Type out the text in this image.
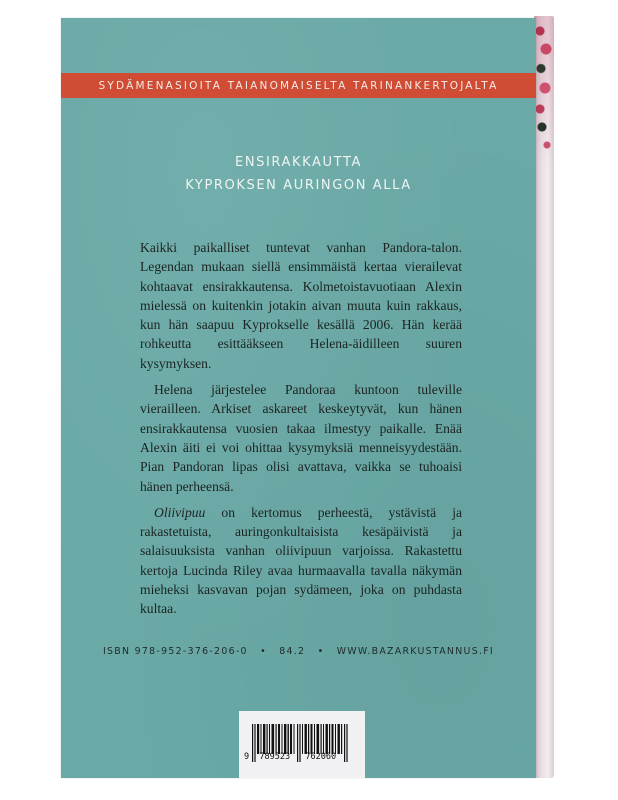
SYDÄMENASIOITA TAIANOMAISELTA TARINANKERTOJALTA
ENSIRAKKAUTTA
KYPROKSEN AURINGON ALLA

Kaikki paikalliset tuntevat vanhan Pandora-talon. Legendan mukaan siellä ensimmäistä kertaa vierailevat kohtaavat ensirakkautensa. Kolmetoistavuotiaan Alexin mielessä on kuitenkin jotakin aivan muuta kuin rakkaus, kun hän saapuu Kyprokselle kesällä 2006. Hän kerää rohkeutta esittääkseen Helena-äidilleen suuren kysymyksen.

Helena järjestelee Pandoraa kuntoon tuleville vierailleen. Arkiset askareet keskeytyvät, kun hänen ensirakkautensa vuosien takaa ilmestyy paikalle. Enää Alexin äiti ei voi ohittaa kysymyksiä menneisyydestään. Pian Pandoran lipas olisi avattava, vaikka se tuhoaisi hänen perheensä.

Oliivipuu on kertomus perheestä, ystävistä ja rakastetuista, auringonkultaisista kesäpäivistä ja salaisuuksista vanhan oliivipuun varjoissa. Rakastettu kertoja Lucinda Riley avaa hurmaavalla tavalla näkymän mieheksi kasvavan pojan sydämeen, joka on puhdasta kultaa.

ISBN 978-952-376-206-0 • 84.2 • WWW.BAZARKUSTANNUS.FI
9  789523   762060
